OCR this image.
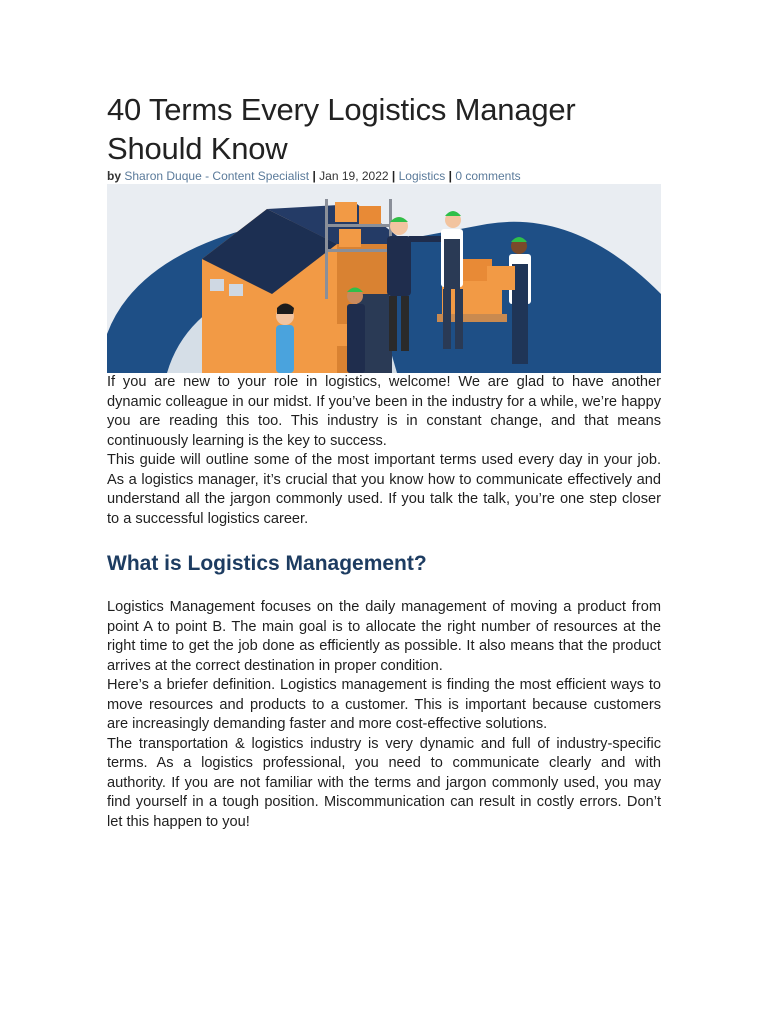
40 Terms Every Logistics Manager
Should Know
by Sharon Duque - Content Specialist | Jan 19, 2022 | Logistics | 0 comments

If you are new to your role in logistics, welcome! We are glad to have another dynamic colleague in our midst. If you’ve been in the industry for a while, we’re happy you are reading this too. This industry is in constant change, and that means continuously learning is the key to success.

This guide will outline some of the most important terms used every day in your job. As a logistics manager, it’s crucial that you know how to communicate effectively and understand all the jargon commonly used. If you talk the talk, you’re one step closer to a successful logistics career.

What is Logistics Management?

Logistics Management focuses on the daily management of moving a product from point A to point B. The main goal is to allocate the right number of resources at the right time to get the job done as efficiently as possible. It also means that the product arrives at the correct destination in proper condition.

Here’s a briefer definition. Logistics management is finding the most efficient ways to move resources and products to a customer. This is important because customers are increasingly demanding faster and more cost-effective solutions.

The transportation & logistics industry is very dynamic and full of industry-specific terms. As a logistics professional, you need to communicate clearly and with authority. If you are not familiar with the terms and jargon commonly used, you may find yourself in a tough position. Miscommunication can result in costly errors. Don’t let this happen to you!
